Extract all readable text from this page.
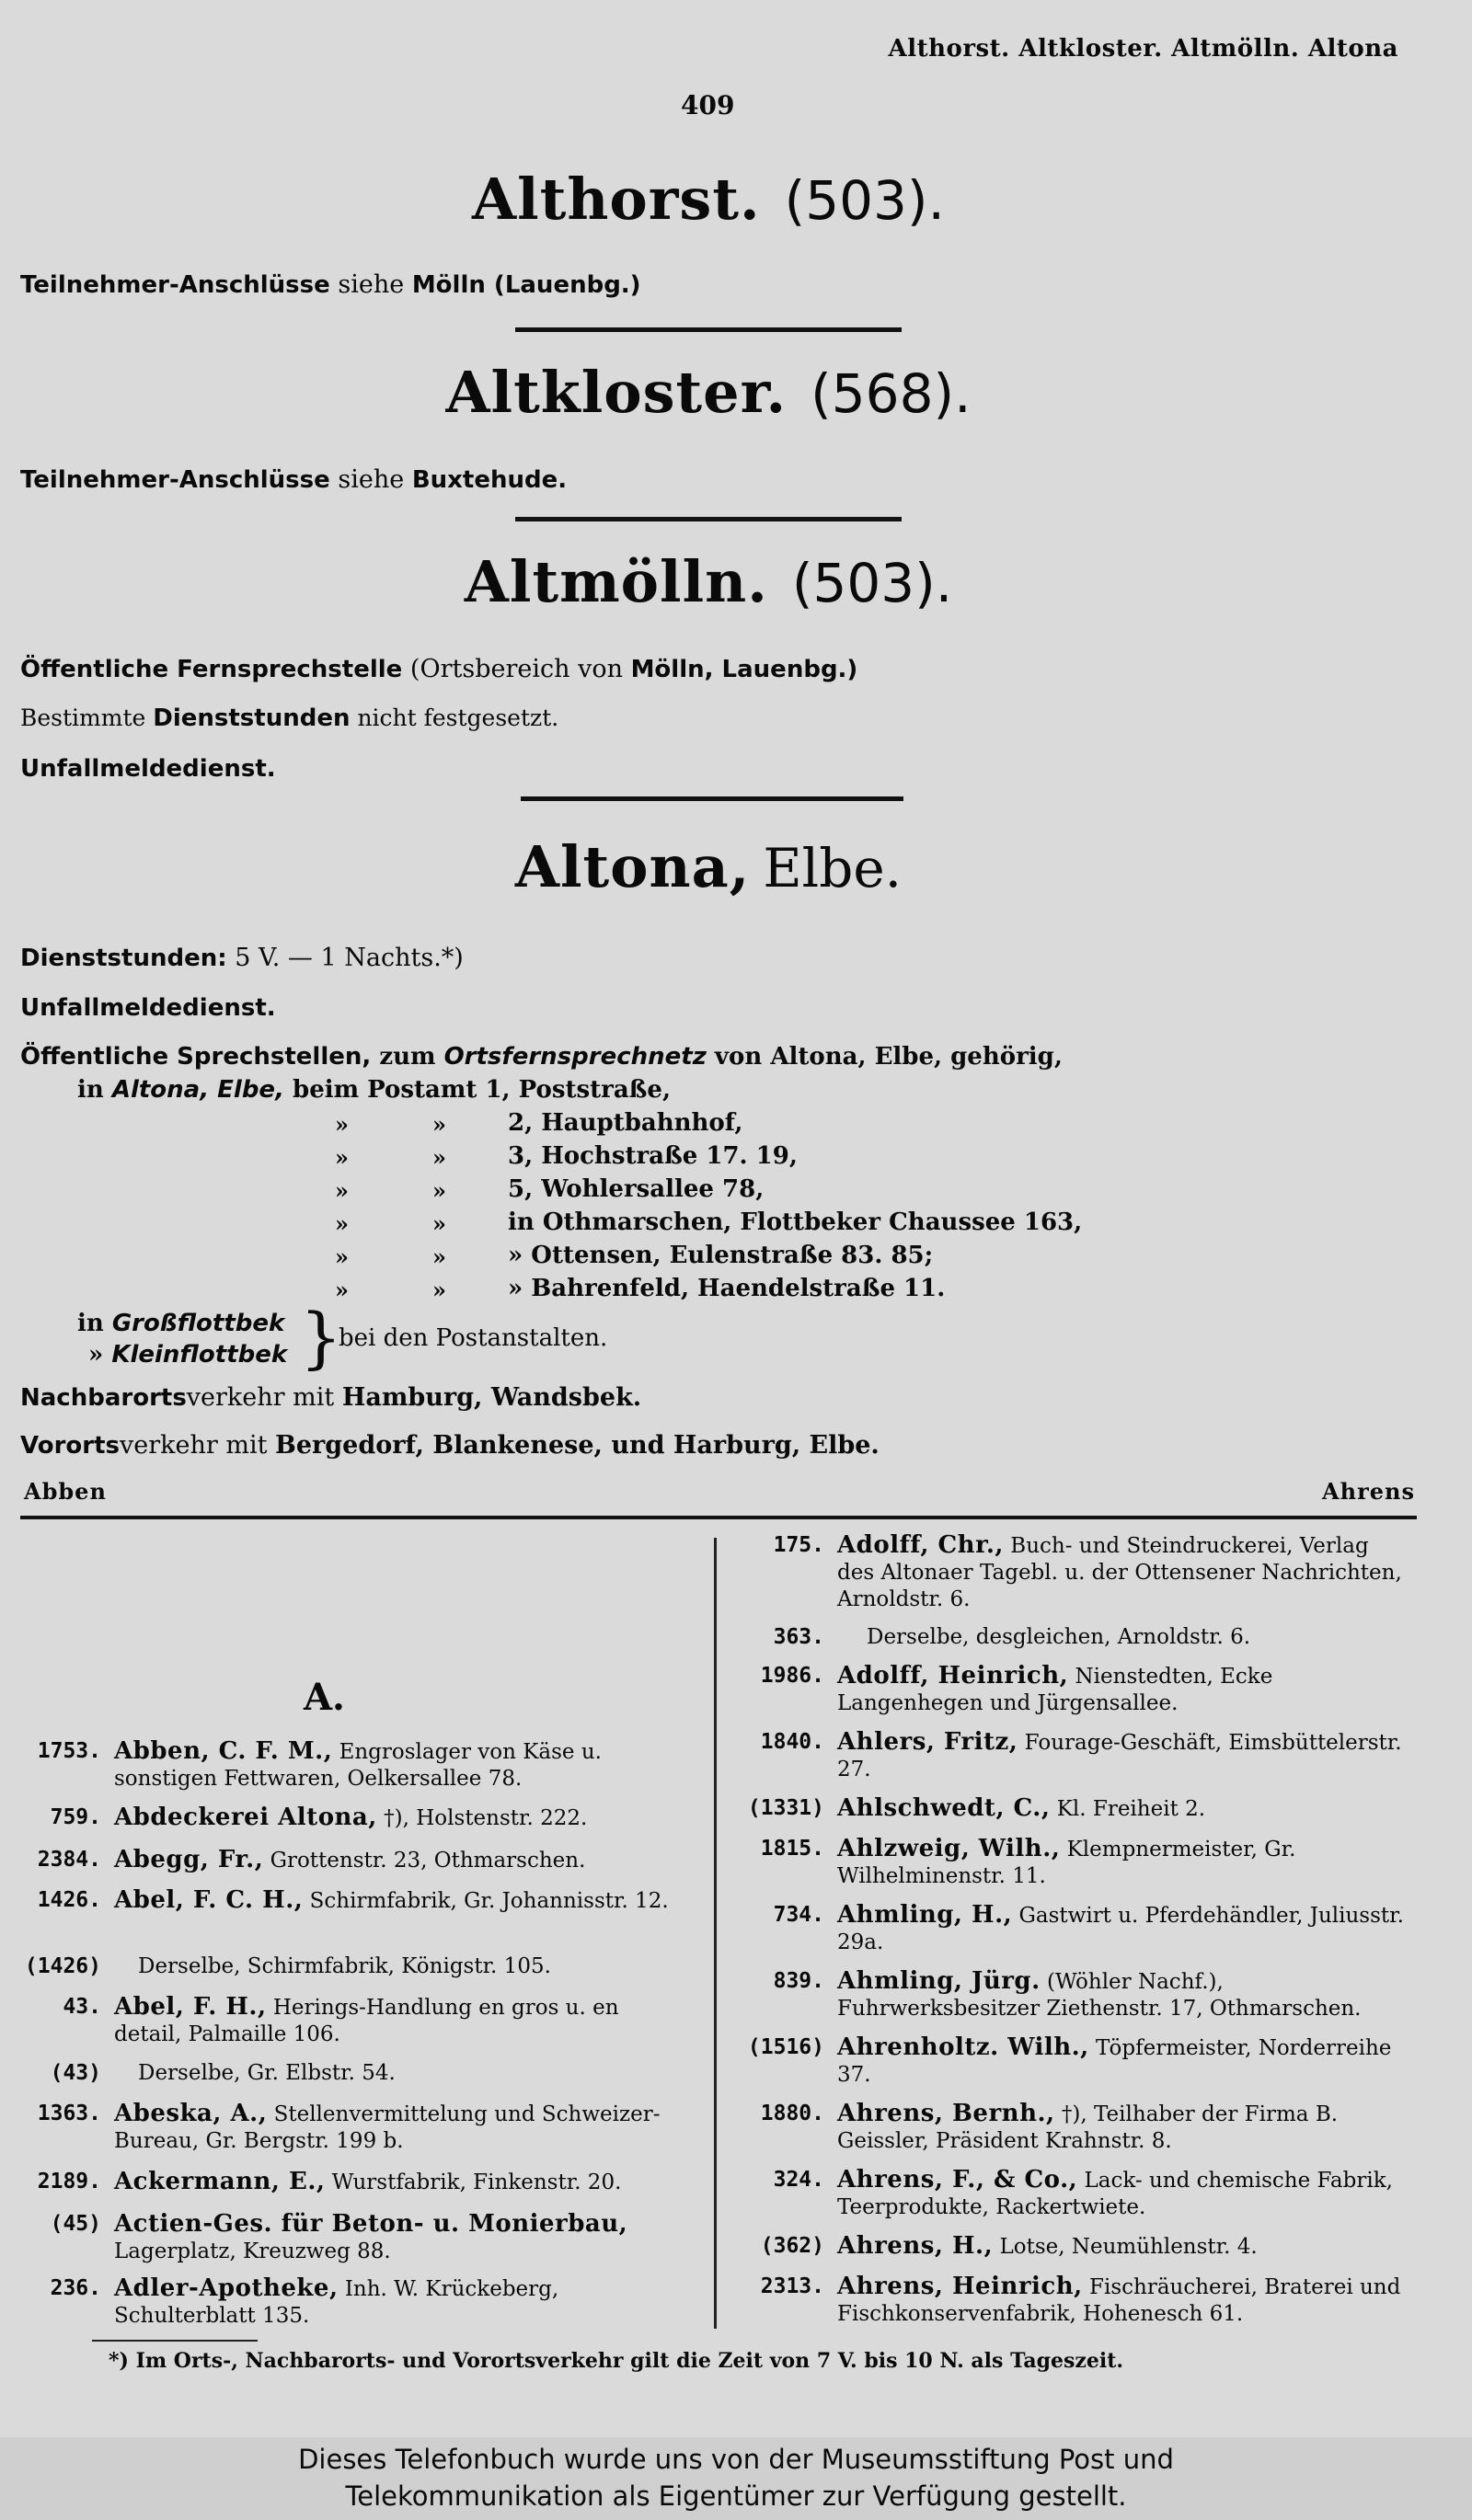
Althorst. Altkloster. Altmölln. Altona
409
Althorst. (503).
Teilnehmer-Anschlüsse siehe Mölln (Lauenbg.)
Altkloster. (568).
Teilnehmer-Anschlüsse siehe Buxtehude.
Altmölln. (503).
Öffentliche Fernsprechstelle (Ortsbereich von Mölln, Lauenbg.)
Bestimmte Dienststunden nicht festgesetzt.
Unfallmeldedienst.
Altona, Elbe.
Dienststunden: 5 V. — 1 Nachts.*)
Unfallmeldedienst.
Öffentliche Sprechstellen, zum Ortsfernsprechnetz von Altona, Elbe, gehörig,
in Altona, Elbe, beim Postamt 1, Poststraße,
»	»	2, Hauptbahnhof,
»	»	3, Hochstraße 17. 19,
»	»	5, Wohlersallee 78,
»	»	in Othmarschen, Flottbeker Chaussee 163,
»	»	» Ottensen, Eulenstraße 83. 85;
»	»	» Bahrenfeld, Haendelstraße 11.
in Großflottbek
» Kleinflottbek }
bei den Postanstalten.
Nachbarortsverkehr mit Hamburg, Wandsbek.
Vorortsverkehr mit Bergedorf, Blankenese, und Harburg, Elbe.
Abben	Ahrens
A.
1753. Abben, C. F. M., Engroslager von Käse u. sonstigen Fettwaren, Oelkersallee 78.
759. Abdeckerei Altona, †), Holstenstr. 222.
2384. Abegg, Fr., Grottenstr. 23, Othmarschen.
1426. Abel, F. C. H., Schirmfabrik, Gr. Johannisstr. 12.
(1426) Derselbe, Schirmfabrik, Königstr. 105.
43. Abel, F. H., Herings-Handlung en gros u. en detail, Palmaille 106.
(43) Derselbe, Gr. Elbstr. 54.
1363. Abeska, A., Stellenvermittelung und Schweizer-Bureau, Gr. Bergstr. 199 b.
2189. Ackermann, E., Wurstfabrik, Finkenstr. 20.
(45) Actien-Ges. für Beton- u. Monierbau, Lagerplatz, Kreuzweg 88.
236. Adler-Apotheke, Inh. W. Krückeberg, Schulterblatt 135.
175. Adolff, Chr., Buch- und Steindruckerei, Verlag des Altonaer Tagebl. u. der Ottensener Nachrichten, Arnoldstr. 6.
363. Derselbe, desgleichen, Arnoldstr. 6.
1986. Adolff, Heinrich, Nienstedten, Ecke Langenhegen und Jürgensallee.
1840. Ahlers, Fritz, Fourage-Geschäft, Eimsbüttelerstr. 27.
(1331) Ahlschwedt, C., Kl. Freiheit 2.
1815. Ahlzweig, Wilh., Klempnermeister, Gr. Wilhelminenstr. 11.
734. Ahmling, H., Gastwirt u. Pferdehändler, Juliusstr. 29a.
839. Ahmling, Jürg. (Wöhler Nachf.), Fuhrwerksbesitzer Ziethenstr. 17, Othmarschen.
(1516) Ahrenholtz. Wilh., Töpfermeister, Norderreihe 37.
1880. Ahrens, Bernh., †), Teilhaber der Firma B. Geissler, Präsident Krahnstr. 8.
324. Ahrens, F., & Co., Lack- und chemische Fabrik, Teerprodukte, Rackertwiete.
(362) Ahrens, H., Lotse, Neumühlenstr. 4.
2313. Ahrens, Heinrich, Fischräucherei, Braterei und Fischkonservenfabrik, Hohenesch 61.
*) Im Orts-, Nachbarorts- und Vorortsverkehr gilt die Zeit von 7 V. bis 10 N. als Tageszeit.
Dieses Telefonbuch wurde uns von der Museumsstiftung Post und
Telekommunikation als Eigentümer zur Verfügung gestellt.
